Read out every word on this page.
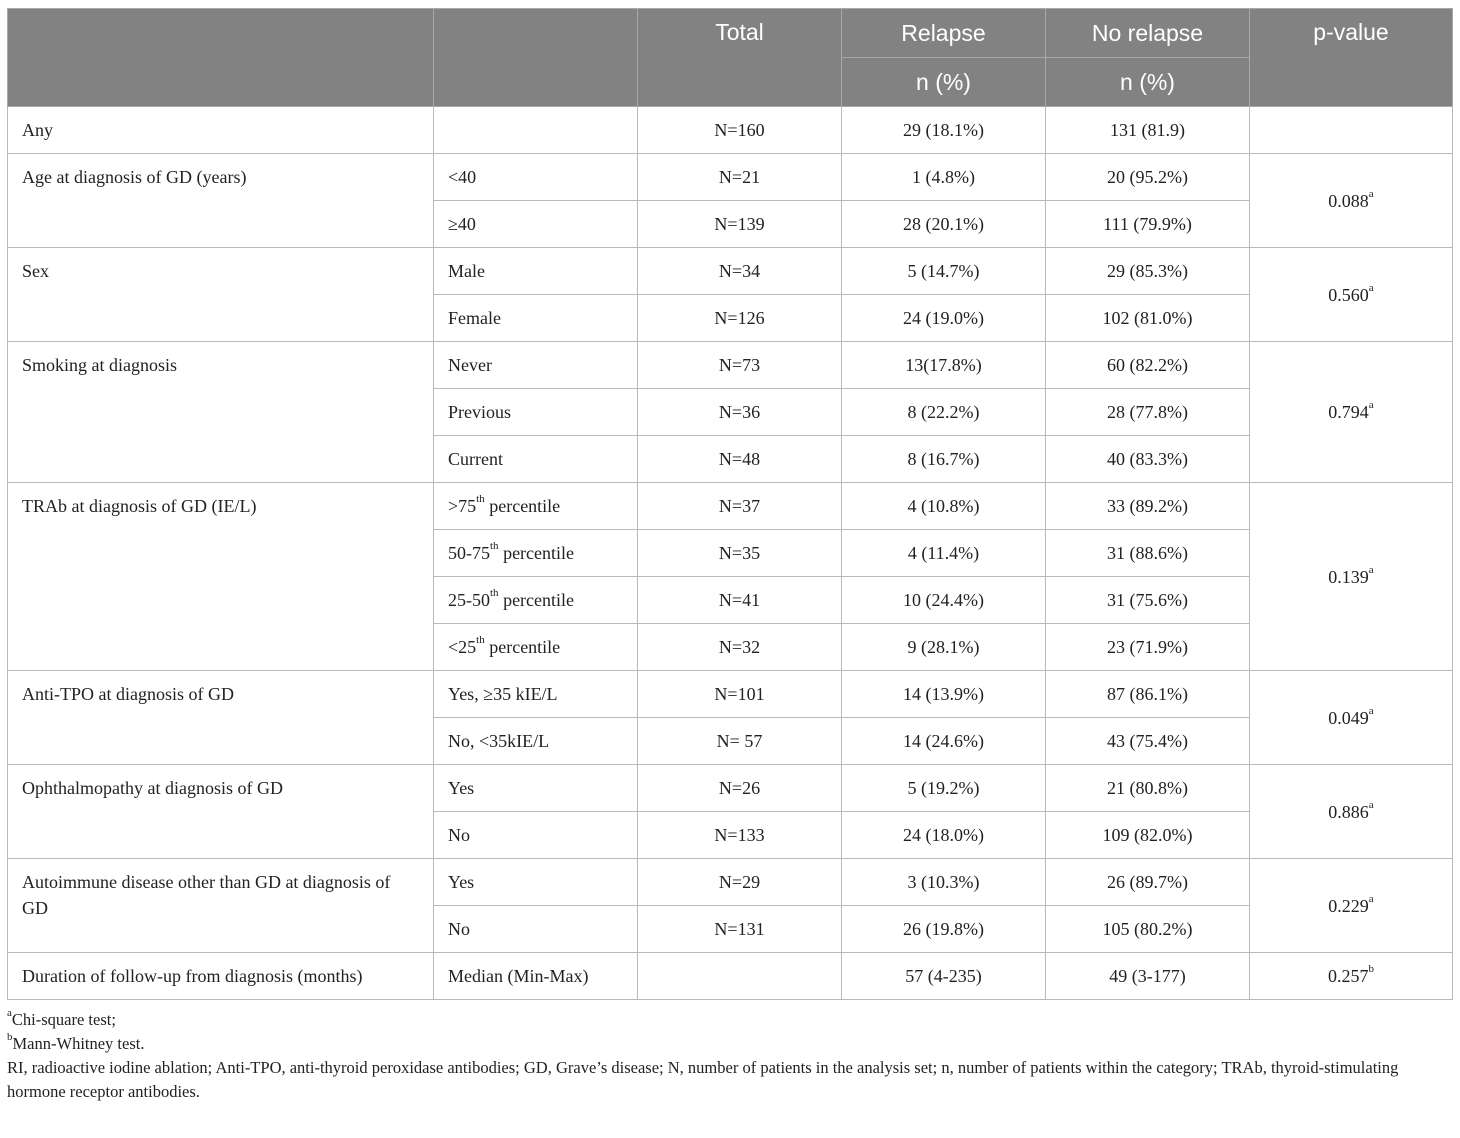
		Total	Relapse	No relapse	p-value
			n (%)	n (%)	
Any		N=160	29 (18.1%)	131 (81.9)	
Age at diagnosis of GD (years)	<40	N=21	1 (4.8%)	20 (95.2%)	0.088$^a$
	≥40	N=139	28 (20.1%)	111 (79.9%)	
Sex	Male	N=34	5 (14.7%)	29 (85.3%)	0.560$^a$
	Female	N=126	24 (19.0%)	102 (81.0%)	
Smoking at diagnosis	Never	N=73	13(17.8%)	60 (82.2%)	0.794$^a$
	Previous	N=36	8 (22.2%)	28 (77.8%)	
	Current	N=48	8 (16.7%)	40 (83.3%)	
TRAb at diagnosis of GD (IE/L)	>75th percentile	N=37	4 (10.8%)	33 (89.2%)	0.139$^a$
	50-75th percentile	N=35	4 (11.4%)	31 (88.6%)	
	25-50th percentile	N=41	10 (24.4%)	31 (75.6%)	
	<25th percentile	N=32	9 (28.1%)	23 (71.9%)	
Anti-TPO at diagnosis of GD	Yes, ≥35 kIE/L	N=101	14 (13.9%)	87 (86.1%)	0.049$^a$
	No, <35kIE/L	N= 57	14 (24.6%)	43 (75.4%)	
Ophthalmopathy at diagnosis of GD	Yes	N=26	5 (19.2%)	21 (80.8%)	0.886$^a$
	No	N=133	24 (18.0%)	109 (82.0%)	
Autoimmune disease other than GD at diagnosis of GD	Yes	N=29	3 (10.3%)	26 (89.7%)	0.229$^a$
	No	N=131	26 (19.8%)	105 (80.2%)	
Duration of follow-up from diagnosis (months)	Median (Min-Max)		57 (4-235)	49 (3-177)	0.257$^b$
$^a$Chi-square test;
$^b$Mann-Whitney test.
RI, radioactive iodine ablation; Anti-TPO, anti-thyroid peroxidase antibodies; GD, Grave’s disease; N, number of patients in the analysis set; n, number of patients within the category; TRAb, thyroid-stimulating hormone receptor antibodies.
